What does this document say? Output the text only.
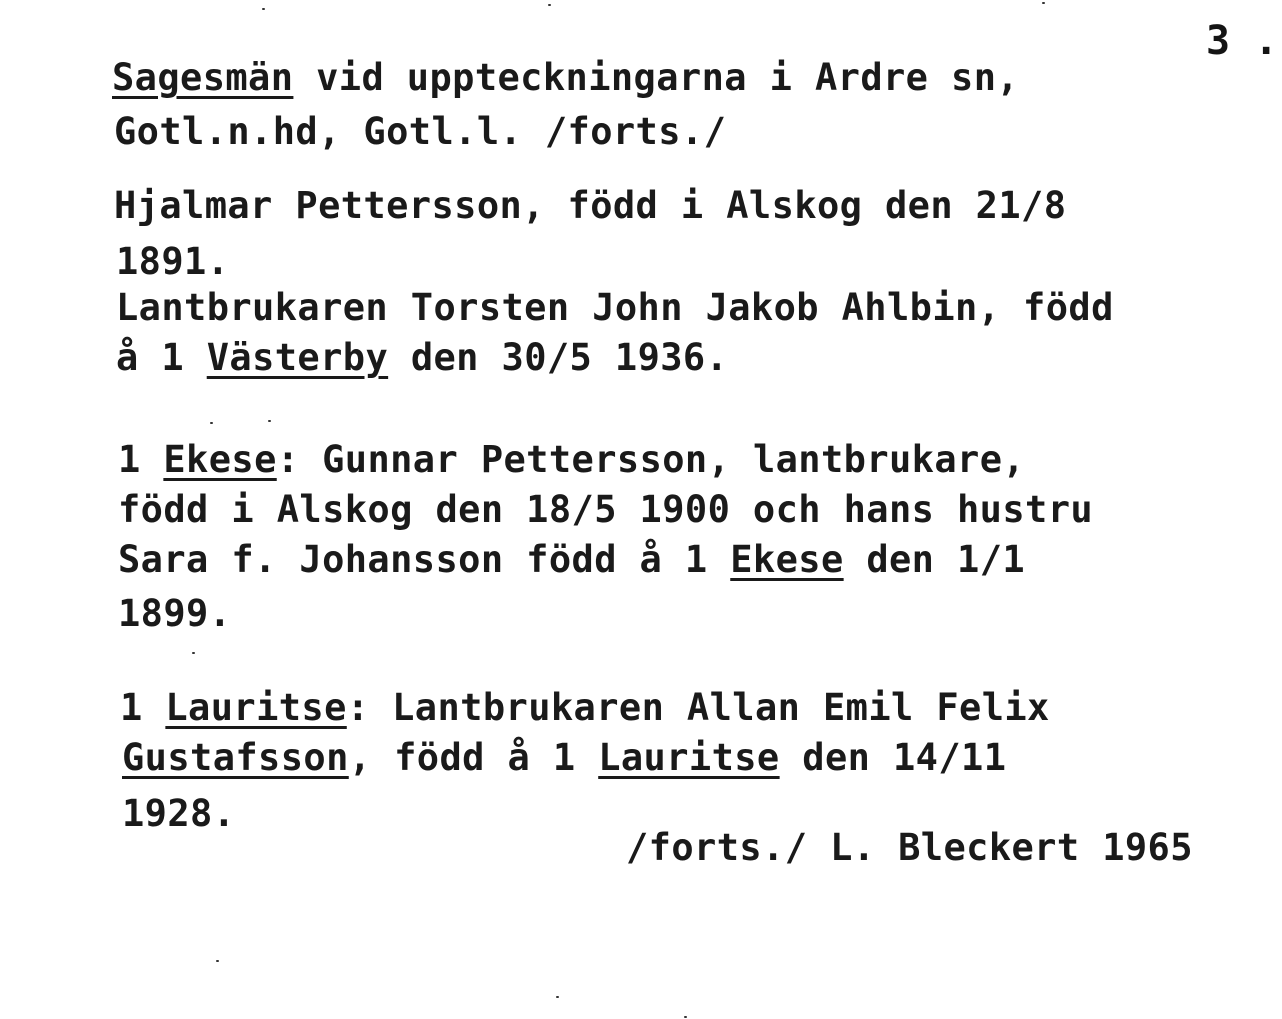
3 .
Sagesmän vid uppteckningarna i Ardre sn,
Gotl.n.hd, Gotl.l. /forts./
Hjalmar Pettersson, född i Alskog den 21/8
1891.
Lantbrukaren Torsten John Jakob Ahlbin, född
å 1 Västerby den 30/5 1936.
1 Ekese: Gunnar Pettersson, lantbrukare,
född i Alskog den 18/5 1900 och hans hustru
Sara f. Johansson född å 1 Ekese den 1/1
1899.
1 Lauritse: Lantbrukaren Allan Emil Felix
Gustafsson, född å 1 Lauritse den 14/11
1928.
/forts./ L. Bleckert 1965
